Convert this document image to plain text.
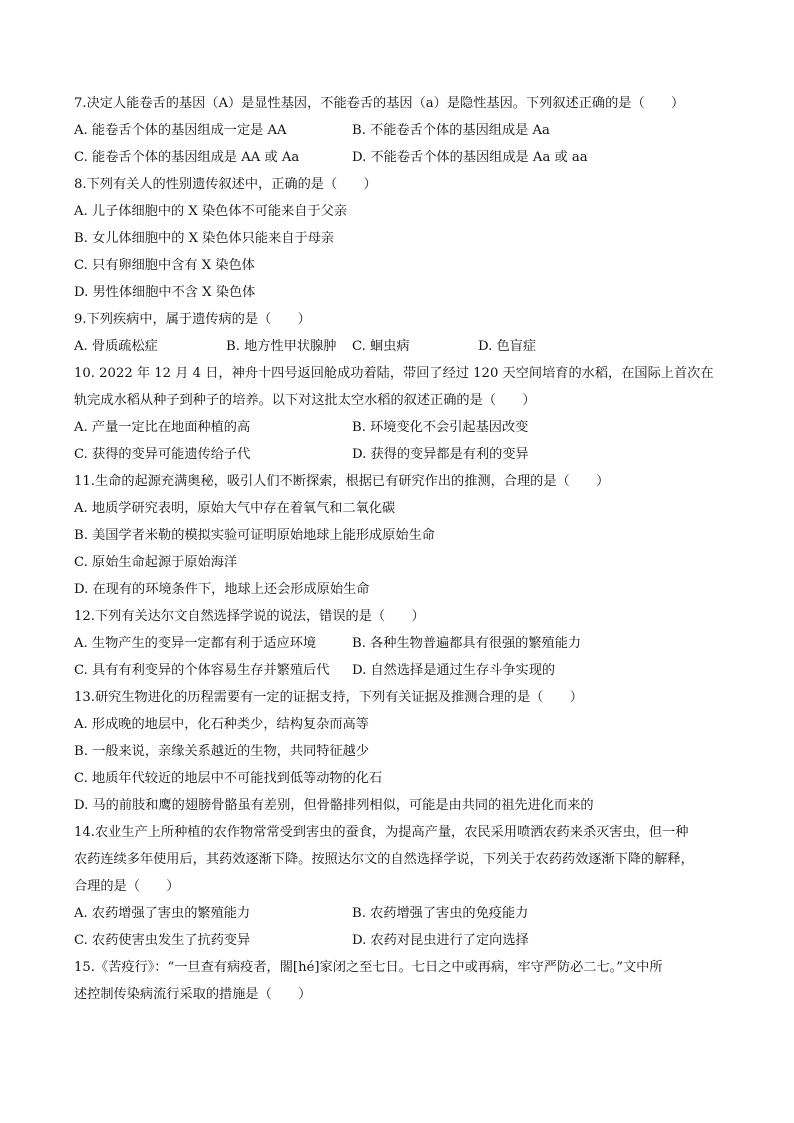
7.决定人能卷舌的基因（A）是显性基因，不能卷舌的基因（a）是隐性基因。下列叙述正确的是（　　）
A. 能卷舌个体的基因组成一定是 AA	B. 不能卷舌个体的基因组成是 Aa
C. 能卷舌个体的基因组成是 AA 或 Aa	D. 不能卷舌个体的基因组成是 Aa 或 aa
8.下列有关人的性别遗传叙述中，正确的是（　　）
A. 儿子体细胞中的 X 染色体不可能来自于父亲
B. 女儿体细胞中的 X 染色体只能来自于母亲
C. 只有卵细胞中含有 X 染色体
D. 男性体细胞中不含 X 染色体
9.下列疾病中，属于遗传病的是（　　）
A. 骨质疏松症	B. 地方性甲状腺肿 C. 蛔虫病	D. 色盲症
10. 2022 年 12 月 4 日，神舟十四号返回舱成功着陆，带回了经过 120 天空间培育的水稻，在国际上首次在
轨完成水稻从种子到种子的培养。以下对这批太空水稻的叙述正确的是（　　）
A. 产量一定比在地面种植的高	B. 环境变化不会引起基因改变
C. 获得的变异可能遗传给子代	D. 获得的变异都是有利的变异
11.生命的起源充满奥秘，吸引人们不断探索，根据已有研究作出的推测，合理的是（　　）
A. 地质学研究表明，原始大气中存在着氧气和二氧化碳
B. 美国学者米勒的模拟实验可证明原始地球上能形成原始生命
C. 原始生命起源于原始海洋
D. 在现有的环境条件下，地球上还会形成原始生命
12.下列有关达尔文自然选择学说的说法，错误的是（　　）
A. 生物产生的变异一定都有利于适应环境	B. 各种生物普遍都具有很强的繁殖能力
C. 具有有利变异的个体容易生存并繁殖后代 D. 自然选择是通过生存斗争实现的
13.研究生物进化的历程需要有一定的证据支持，下列有关证据及推测合理的是（　　）
A. 形成晚的地层中，化石种类少，结构复杂而高等
B. 一般来说，亲缘关系越近的生物，共同特征越少
C. 地质年代较近的地层中不可能找到低等动物的化石
D. 马的前肢和鹰的翅膀骨骼虽有差别，但骨骼排列相似，可能是由共同的祖先进化而来的
14.农业生产上所种植的农作物常常受到害虫的蚕食，为提高产量，农民采用喷洒农药来杀灭害虫，但一种
农药连续多年使用后，其药效逐渐下降。按照达尔文的自然选择学说，下列关于农药药效逐渐下降的解释，
合理的是（　　）
A. 农药增强了害虫的繁殖能力	B. 农药增强了害虫的免疫能力
C. 农药使害虫发生了抗药变异	D. 农药对昆虫进行了定向选择
15.《苦疫行》：“一旦查有病疫者，閤[hé]家闭之至七日。七日之中或再病，牢守严防必二七。”文中所
述控制传染病流行采取的措施是（　　）
